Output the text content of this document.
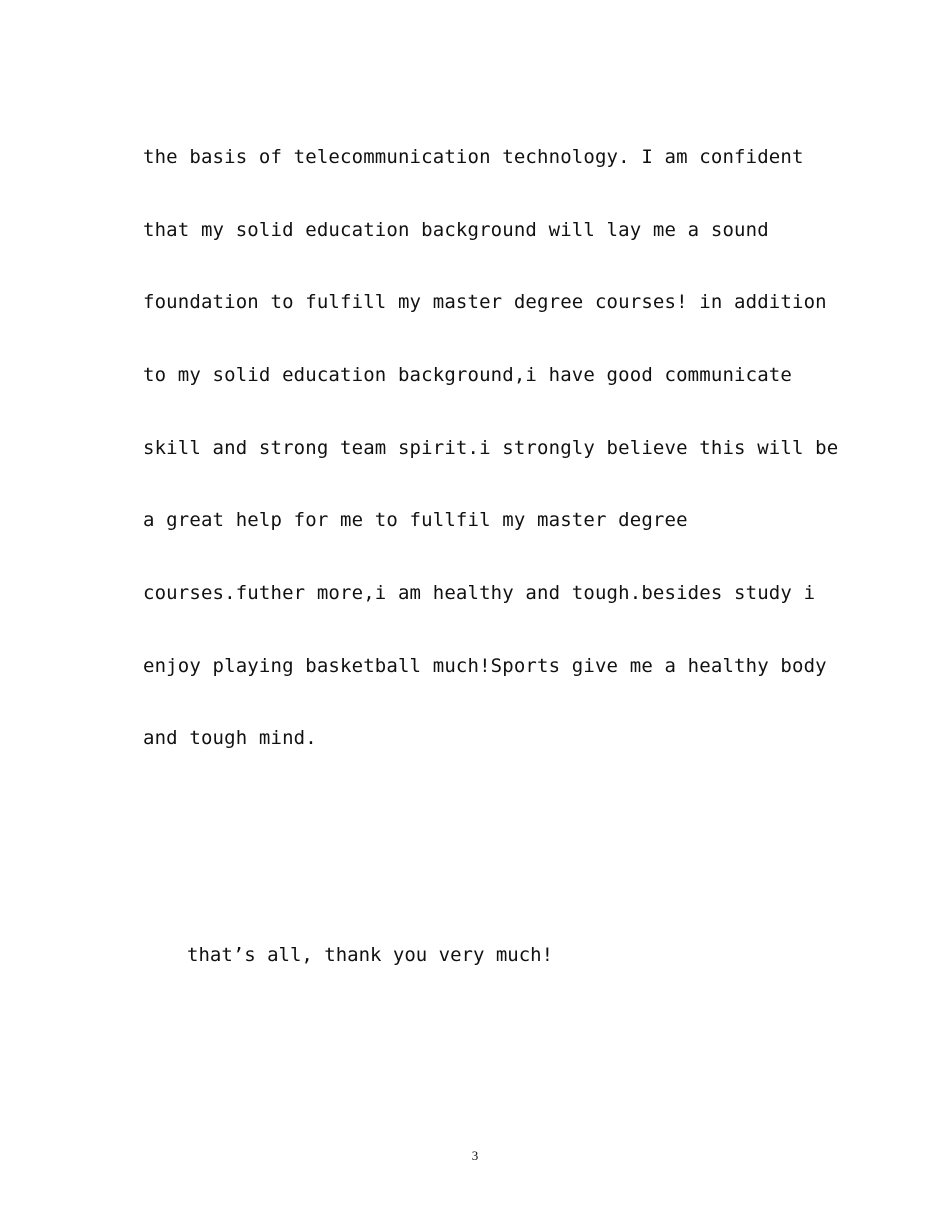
the basis of telecommunication technology. I am confident
that my solid education background will lay me a sound
foundation to fulfill my master degree courses! in addition
to my solid education background,i have good communicate
skill and strong team spirit.i strongly believe this will be
a great help for me to fullfil my master degree
courses.futher more,i am healthy and tough.besides study i
enjoy playing basketball much!Sports give me a healthy body
and tough mind.
that’s all, thank you very much!
3
